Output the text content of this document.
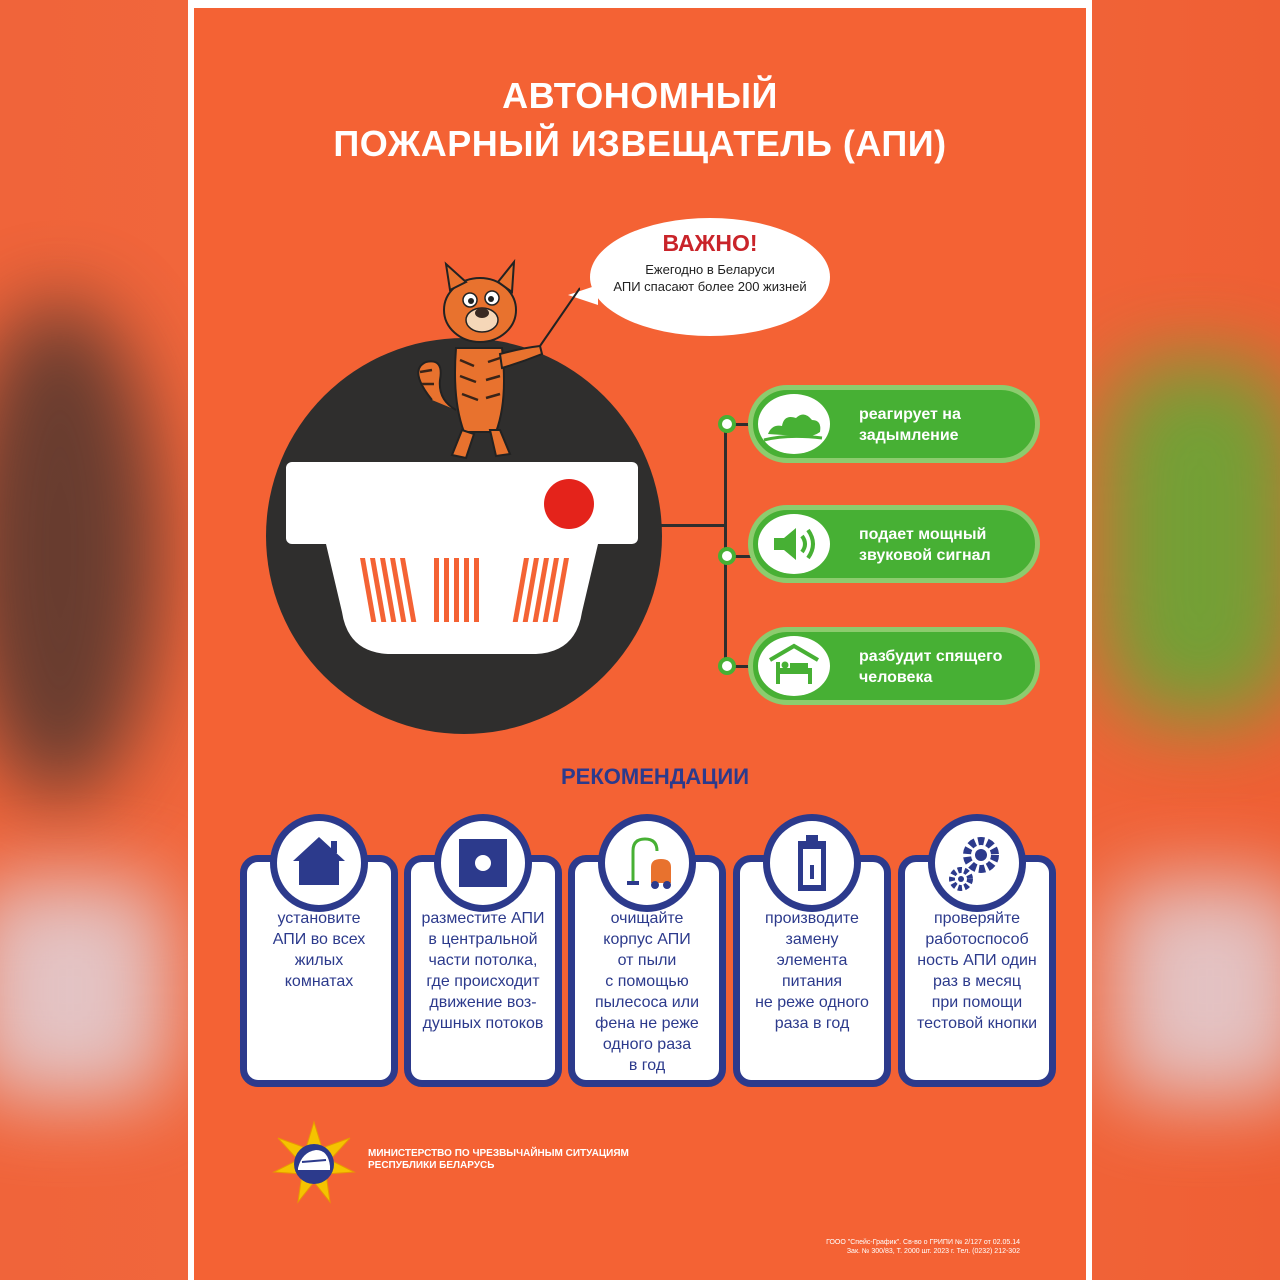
АВТОНОМНЫЙ
ПОЖАРНЫЙ ИЗВЕЩАТЕЛЬ (АПИ)
ВАЖНО!
Ежегодно в Беларуси
АПИ спасают более 200 жизней
реагирует на
задымление
подает мощный
звуковой сигнал
разбудит спящего
человека
РЕКОМЕНДАЦИИ
установите
АПИ во всех
жилых
комнатах
разместите АПИ
в центральной
части потолка,
где происходит
движение воз-
душных потоков
очищайте
корпус АПИ
от пыли
с помощью
пылесоса или
фена не реже
одного раза
в год
производите
замену
элемента
питания
не реже одного
раза в год
проверяйте
работоспособ
ность АПИ один
раз в месяц
при помощи
тестовой кнопки
МИНИСТЕРСТВО ПО ЧРЕЗВЫЧАЙНЫМ СИТУАЦИЯМ
РЕСПУБЛИКИ БЕЛАРУСЬ
ГООО "Спейс-График". Св-во о ГРИПИ № 2/127 от 02.05.14
Зак. № 300/83, Т. 2000 шт. 2023 г. Тел. (0232) 212-302
